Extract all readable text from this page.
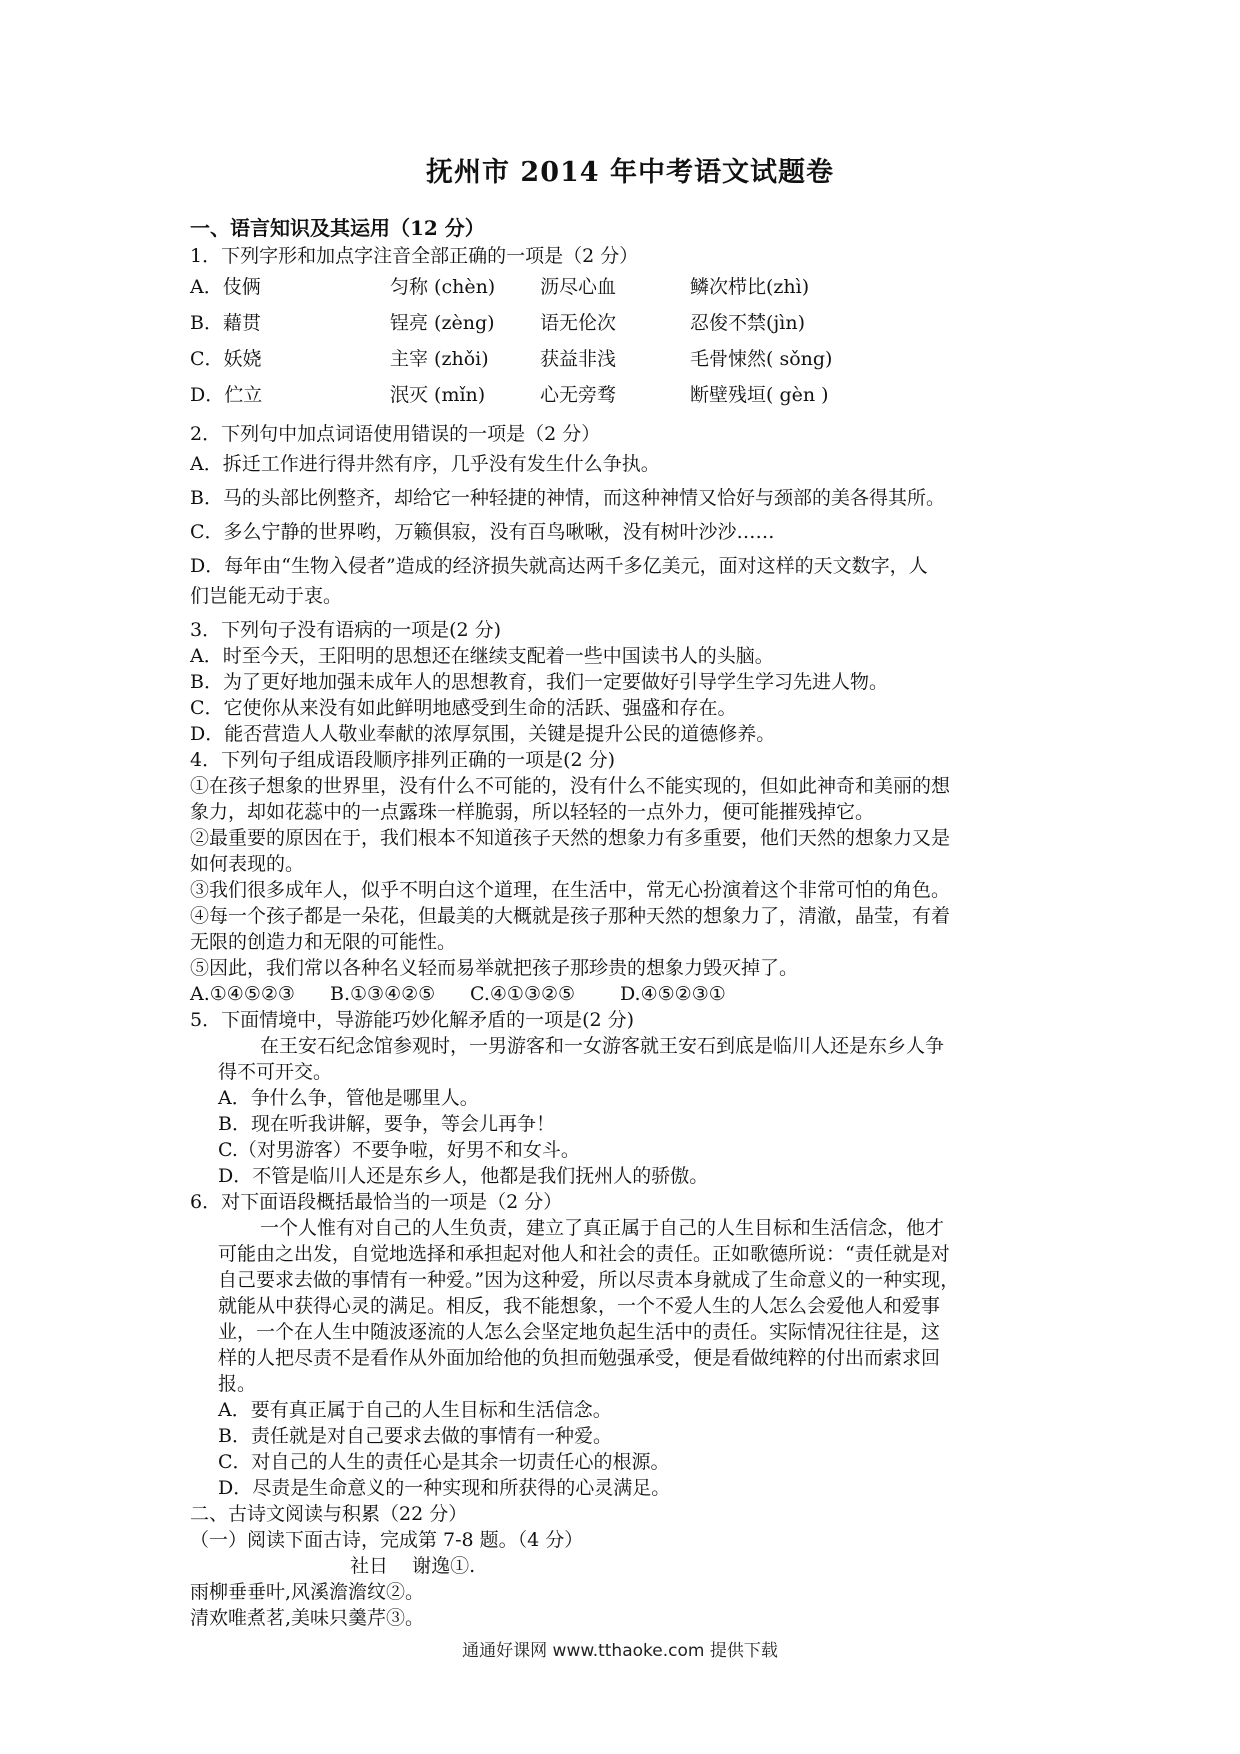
抚州市 2014 年中考语文试题卷
一、语言知识及其运用（12 分）
1．下列字形和加点字注音全部正确的一项是（2 分）
A．伎俩	匀称 (chèn)	沥尽心血	鳞次栉比(zhì)
B．藉贯	锃亮 (zèng)	语无伦次	忍俊不禁(jìn)
C．妖娆	主宰 (zhǒi)	获益非浅	毛骨悚然( sǒng)
D．伫立	泯灭 (mǐn)	心无旁骛	断壁残垣( gèn )
2．下列句中加点词语使用错误的一项是（2 分）
A．拆迁工作进行得井然有序，几乎没有发生什么争执。
B．马的头部比例整齐，却给它一种轻捷的神情，而这种神情又恰好与颈部的美各得其所。
C．多么宁静的世界哟，万籁俱寂，没有百鸟啾啾，没有树叶沙沙……
D．每年由“生物入侵者”造成的经济损失就高达两千多亿美元，面对这样的天文数字，人
们岂能无动于衷。
3．下列句子没有语病的一项是(2 分)
A．时至今天，王阳明的思想还在继续支配着一些中国读书人的头脑。
B．为了更好地加强未成年人的思想教育，我们一定要做好引导学生学习先进人物。
C．它使你从来没有如此鲜明地感受到生命的活跃、强盛和存在。
D．能否营造人人敬业奉献的浓厚氛围，关键是提升公民的道德修养。
4．下列句子组成语段顺序排列正确的一项是(2 分)
①在孩子想象的世界里，没有什么不可能的，没有什么不能实现的，但如此神奇和美丽的想
象力，却如花蕊中的一点露珠一样脆弱，所以轻轻的一点外力，便可能摧残掉它。
②最重要的原因在于，我们根本不知道孩子天然的想象力有多重要，他们天然的想象力又是
如何表现的。
③我们很多成年人，似乎不明白这个道理，在生活中，常无心扮演着这个非常可怕的角色。
④每一个孩子都是一朵花，但最美的大概就是孩子那种天然的想象力了，清澈，晶莹，有着
无限的创造力和无限的可能性。
⑤因此，我们常以各种名义轻而易举就把孩子那珍贵的想象力毁灭掉了。
A.①④⑤②③	B.①③④②⑤	C.④①③②⑤	D.④⑤②③①
5．下面情境中，导游能巧妙化解矛盾的一项是(2 分)
在王安石纪念馆参观时，一男游客和一女游客就王安石到底是临川人还是东乡人争
得不可开交。
A．争什么争，管他是哪里人。
B．现在听我讲解，要争，等会儿再争！
C.（对男游客）不要争啦，好男不和女斗。
D．不管是临川人还是东乡人，他都是我们抚州人的骄傲。
6．对下面语段概括最恰当的一项是（2 分）
一个人惟有对自己的人生负责，建立了真正属于自己的人生目标和生活信念，他才
可能由之出发，自觉地选择和承担起对他人和社会的责任。正如歌德所说：“责任就是对
自己要求去做的事情有一种爱。”因为这种爱，所以尽责本身就成了生命意义的一种实现，
就能从中获得心灵的满足。相反，我不能想象，一个不爱人生的人怎么会爱他人和爱事
业，一个在人生中随波逐流的人怎么会坚定地负起生活中的责任。实际情况往往是，这
样的人把尽责不是看作从外面加给他的负担而勉强承受，便是看做纯粹的付出而索求回
报。
A．要有真正属于自己的人生目标和生活信念。
B．责任就是对自己要求去做的事情有一种爱。
C．对自己的人生的责任心是其余一切责任心的根源。
D．尽责是生命意义的一种实现和所获得的心灵满足。
二、古诗文阅读与积累（22 分）
（一）阅读下面古诗，完成第 7-8 题。（4 分）
社日    谢逸①.
雨柳垂垂叶,风溪澹澹纹②。
清欢唯煮茗,美味只羹芹③。
通通好课网 www.tthaoke.com 提供下载
